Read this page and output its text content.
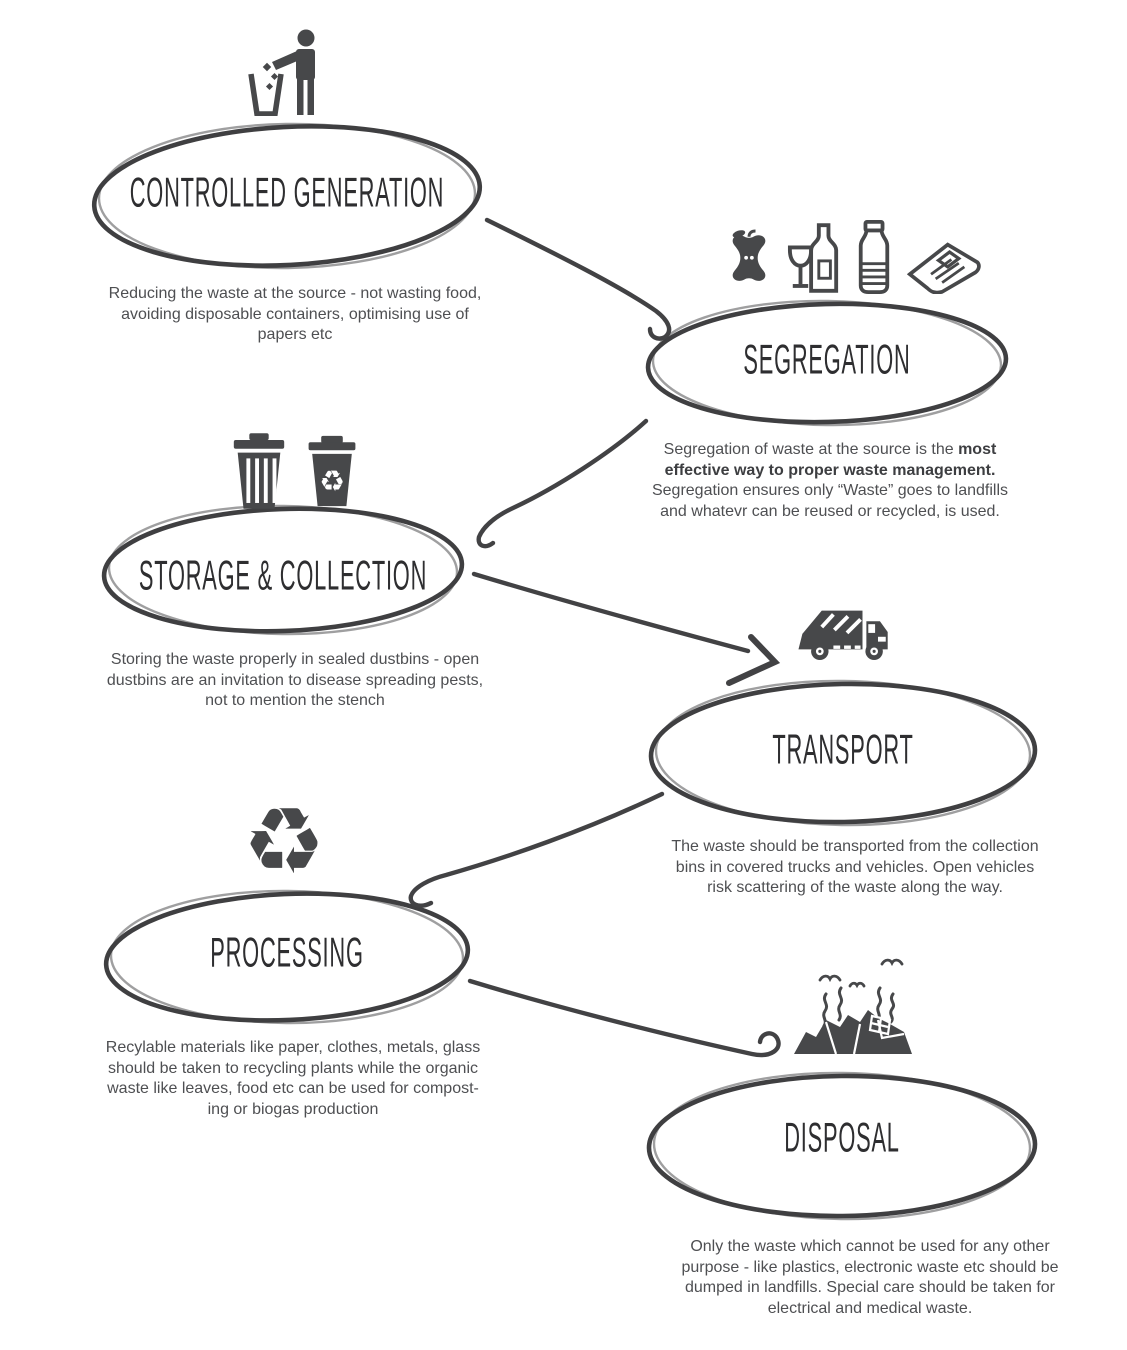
CONTROLLED GENERATION
Reducing the waste at the source - not wasting food,
avoiding disposable containers, optimising use of
papers etc
SEGREGATION
Segregation of waste at the source is the most
effective way to proper waste management.
Segregation ensures only “Waste” goes to landfills
and whatevr can be reused or recycled, is used.
♻
STORAGE & COLLECTION
Storing the waste properly in sealed dustbins - open
dustbins are an invitation to disease spreading pests,
not to mention the stench
TRANSPORT
The waste should be transported from the collection
bins in covered trucks and vehicles. Open vehicles
risk scattering of the waste along the way.
♻
PROCESSING
Recylable materials like paper, clothes, metals, glass
should be taken to recycling plants while the organic
waste like leaves, food etc can be used for compost-
ing or biogas production
DISPOSAL
Only the waste which cannot be used for any other
purpose - like plastics, electronic waste etc should be
dumped in landfills. Special care should be taken for
electrical and medical waste.
